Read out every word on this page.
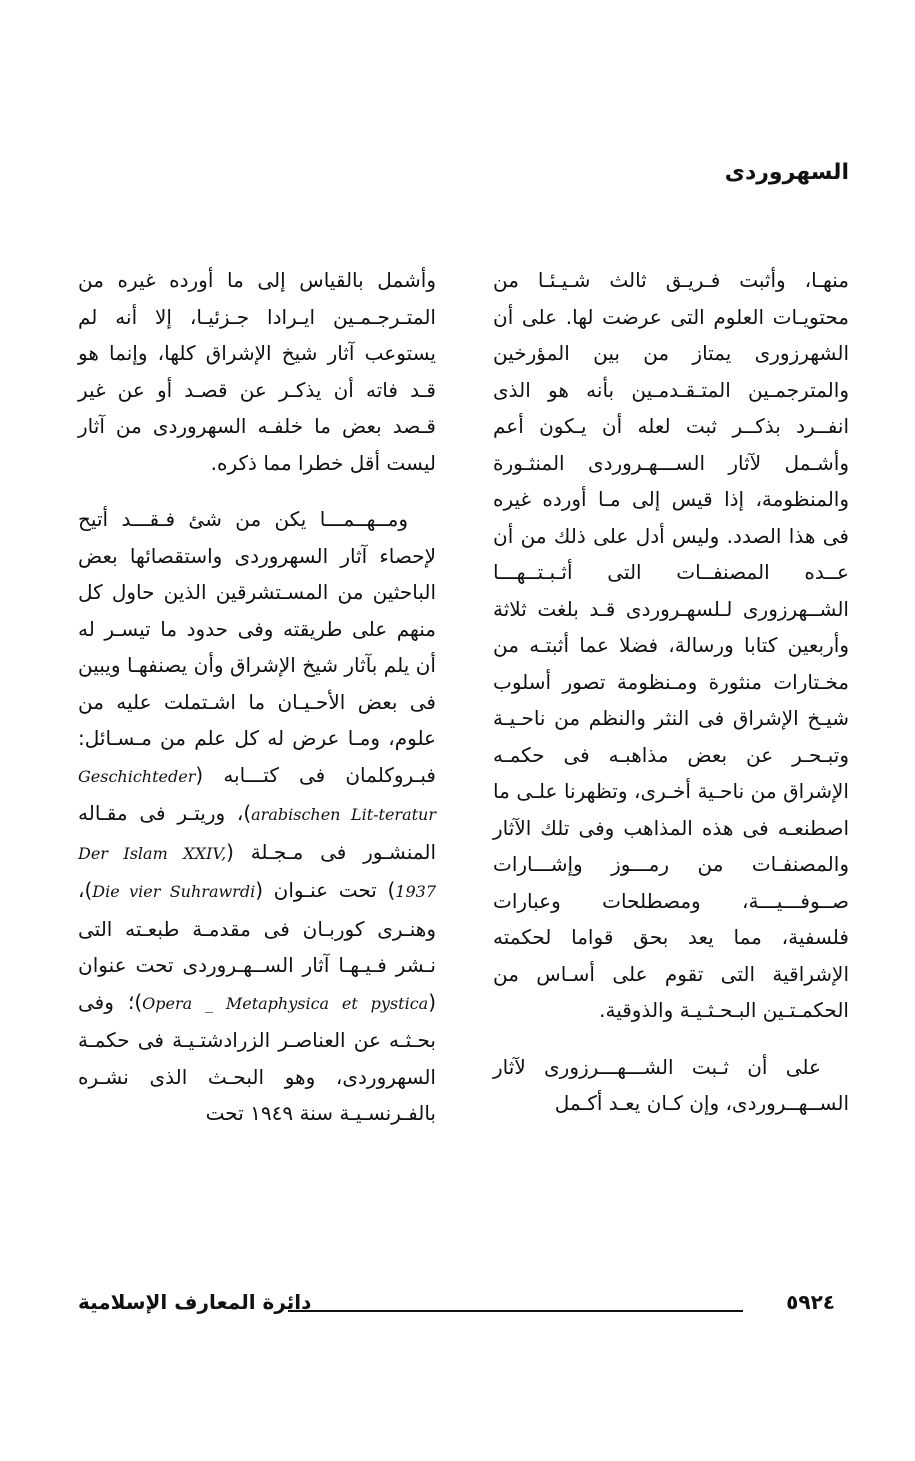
السهروردى

منهـا، وأثبت فـريـق ثالث شـيـئـا من محتويـات العلوم التى عرضت لها. على أن الشهرزورى يمتاز من بين المؤرخين والمترجمـين المتـقـدمـين بأنه هو الذى انفــرد بذكــر ثبت لعله أن يـكون أعم وأشـمل لآثار الســـهـروردى المنثـورة والمنظومة، إذا قيس إلى مـا أورده غيره فى هذا الصدد. وليس أدل على ذلك من أن عــده المصنفــات التى أثـبـتــهـــا الشــهرزورى لـلسهـروردى قـد بلغت ثلاثة وأربعين كتابا ورسالة، فضلا عما أثبتـه من مخـتارات منثورة ومـنظومة تصور أسلوب شيـخ الإشراق فى النثر والنظم من ناحـيـة وتبـحـر عن بعض مذاهبـه فى حكمـه الإشراق من ناحـية أخـرى، وتظهرنا علـى ما اصطنعـه فى هذه المذاهب وفى تلك الآثار والمصنفـات من رمـــوز وإشـــارات صــوفـــيـــة، ومصطلحات وعبارات فلسفية، مما يعد بحق قواما لحكمته الإشراقية التى تقوم على أسـاس من الحكمـتـين البـحـثـيـة والذوقية.

على أن ثـبت الشـــهـــرزورى لآثار الســهــروردى، وإن كـان يعـد أكـمل

وأشمل بالقياس إلى ما أورده غيره من المتـرجـمـين ايـرادا جـزئيـا، إلا أنه لم يستوعب آثار شيخ الإشراق كلها، وإنما هو قـد فاته أن يذكـر عن قصـد أو عن غير قـصد بعض ما خلفـه السهروردى من آثار ليست أقل خطرا مما ذكره.

ومــهــمـــا يكن من شئ فـقـــد أتيح لإحصاء آثار السهروردى واستقصائها بعض الباحثين من المسـتشرقين الذين حاول كل منهم على طريقته وفى حدود ما تيسـر له أن يلم بآثار شيخ الإشراق وأن يصنفهـا ويبين فى بعض الأحـيـان ما اشـتملت عليه من علوم، ومـا عرض له كل علم من مـسـائل: فبـروكلمان فى كتـــابه (Geschichteder arabischen Lit-teratur)، وريتـر فى مقـاله المنشـور فى مـجـلة (Der Islam XXIV, 1937) تحت عنـوان (Die vier Suhrawrdi)، وهنـرى كوربـان فى مقدمـة طبعـته التى نـشر فـيـهـا آثار الســهـروردى تحت عنوان (Opera _ Metaphysica et pystica)؛ وفى بحـثـه عن العناصـر الزرادشتـيـة فى حكمـة السهروردى، وهو البحـث الذى نشـره بالفـرنسـيـة سنة ١٩٤٩ تحت

دائرة المعارف الإسلامية	٥٩٢٤
